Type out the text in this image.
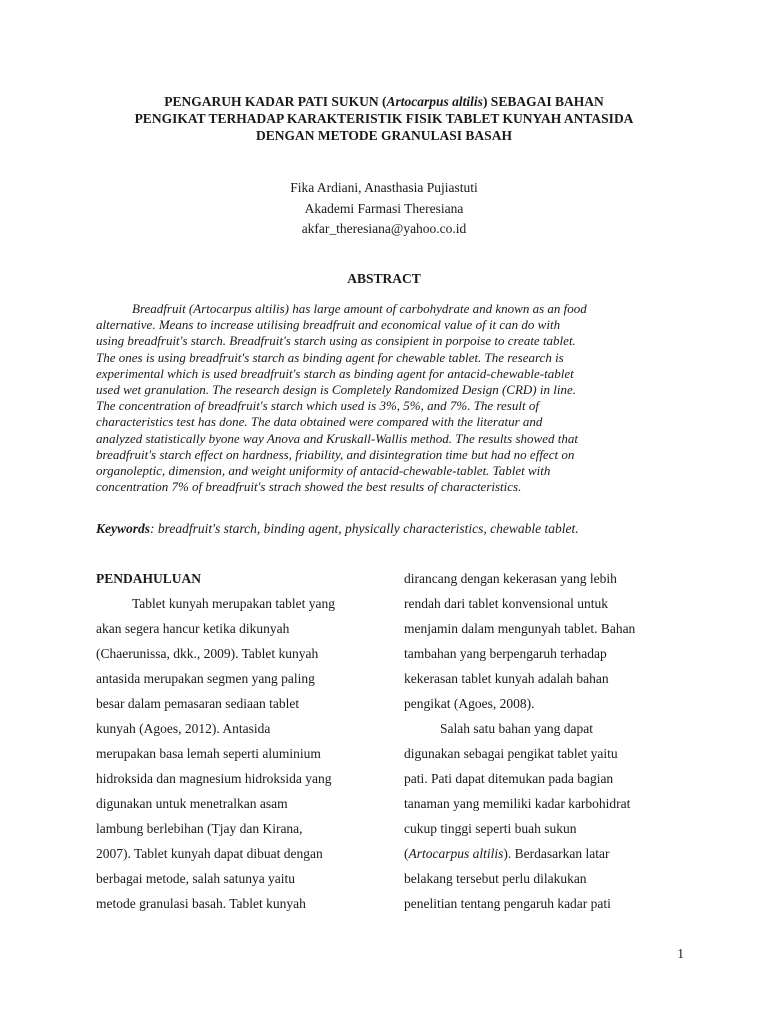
PENGARUH KADAR PATI SUKUN (Artocarpus altilis) SEBAGAI BAHAN
PENGIKAT TERHADAP KARAKTERISTIK FISIK TABLET KUNYAH ANTASIDA
DENGAN METODE GRANULASI BASAH
Fika Ardiani, Anasthasia Pujiastuti
Akademi Farmasi Theresiana
akfar_theresiana@yahoo.co.id
ABSTRACT
Breadfruit (Artocarpus altilis) has large amount of carbohydrate and known as an food
alternative. Means to increase utilising breadfruit and economical value of it can do with
using breadfruit's starch. Breadfruit's starch using as consipient in porpoise to create tablet.
The ones is using breadfruit's starch as binding agent for chewable tablet. The research is
experimental which is used breadfruit's starch as binding agent for antacid-chewable-tablet
used wet granulation. The research design is Completely Randomized Design (CRD) in line.
The concentration of breadfruit's starch which used is 3%, 5%, and 7%. The result of
characteristics test has done. The data obtained were compared with the literatur and
analyzed statistically byone way Anova and Kruskall-Wallis method. The results showed that
breadfruit's starch effect on hardness, friability, and disintegration time but had no effect on
organoleptic, dimension, and weight uniformity of antacid-chewable-tablet. Tablet with
concentration 7% of breadfruit's strach showed the best results of characteristics.
Keywords: breadfruit's starch, binding agent, physically characteristics, chewable tablet.
PENDAHULUAN
Tablet kunyah merupakan tablet yang
akan segera hancur ketika dikunyah
(Chaerunissa, dkk., 2009). Tablet kunyah
antasida merupakan segmen yang paling
besar dalam pemasaran sediaan tablet
kunyah (Agoes, 2012). Antasida
merupakan basa lemah seperti aluminium
hidroksida dan magnesium hidroksida yang
digunakan untuk menetralkan asam
lambung berlebihan (Tjay dan Kirana,
2007). Tablet kunyah dapat dibuat dengan
berbagai metode, salah satunya yaitu
metode granulasi basah. Tablet kunyah
dirancang dengan kekerasan yang lebih
rendah dari tablet konvensional untuk
menjamin dalam mengunyah tablet. Bahan
tambahan yang berpengaruh terhadap
kekerasan tablet kunyah adalah bahan
pengikat (Agoes, 2008).
Salah satu bahan yang dapat
digunakan sebagai pengikat tablet yaitu
pati. Pati dapat ditemukan pada bagian
tanaman yang memiliki kadar karbohidrat
cukup tinggi seperti buah sukun
(Artocarpus altilis). Berdasarkan latar
belakang tersebut perlu dilakukan
penelitian tentang pengaruh kadar pati
1
